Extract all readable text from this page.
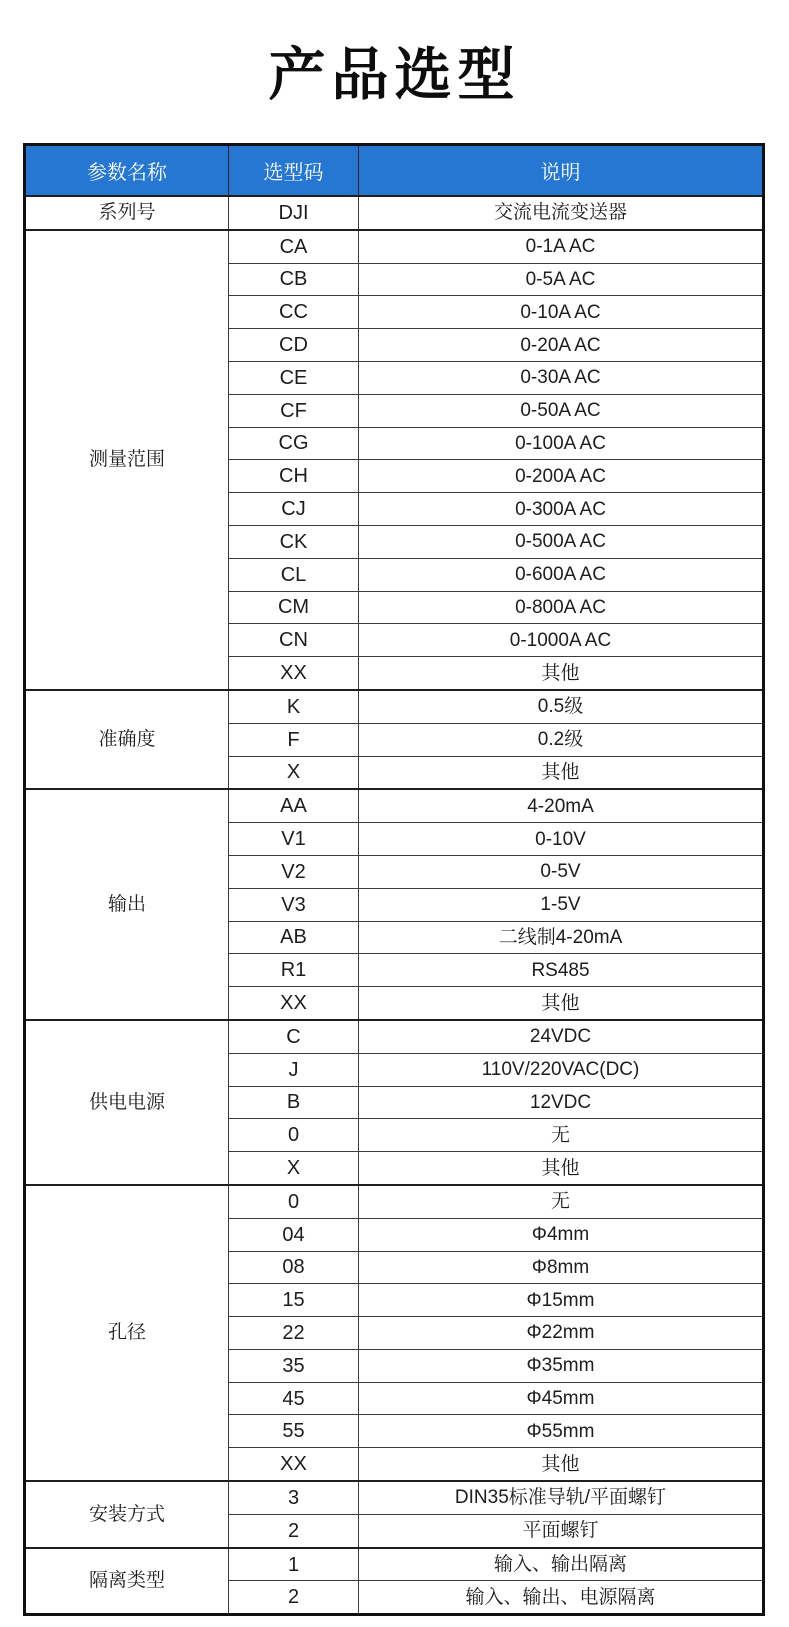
产品选型
参数名称	选型码	说明
系列号	DJI	交流电流变送器
测量范围	CA	0-1A AC
	CB	0-5A AC
	CC	0-10A AC
	CD	0-20A AC
	CE	0-30A AC
	CF	0-50A AC
	CG	0-100A AC
	CH	0-200A AC
	CJ	0-300A AC
	CK	0-500A AC
	CL	0-600A AC
	CM	0-800A AC
	CN	0-1000A AC
	XX	其他
准确度	K	0.5级
	F	0.2级
	X	其他
输出	AA	4-20mA
	V1	0-10V
	V2	0-5V
	V3	1-5V
	AB	二线制4-20mA
	R1	RS485
	XX	其他
供电电源	C	24VDC
	J	110V/220VAC(DC)
	B	12VDC
	0	无
	X	其他
孔径	0	无
	04	Φ4mm
	08	Φ8mm
	15	Φ15mm
	22	Φ22mm
	35	Φ35mm
	45	Φ45mm
	55	Φ55mm
	XX	其他
安装方式	3	DIN35标准导轨/平面螺钉
	2	平面螺钉
隔离类型	1	输入、输出隔离
	2	输入、输出、电源隔离
